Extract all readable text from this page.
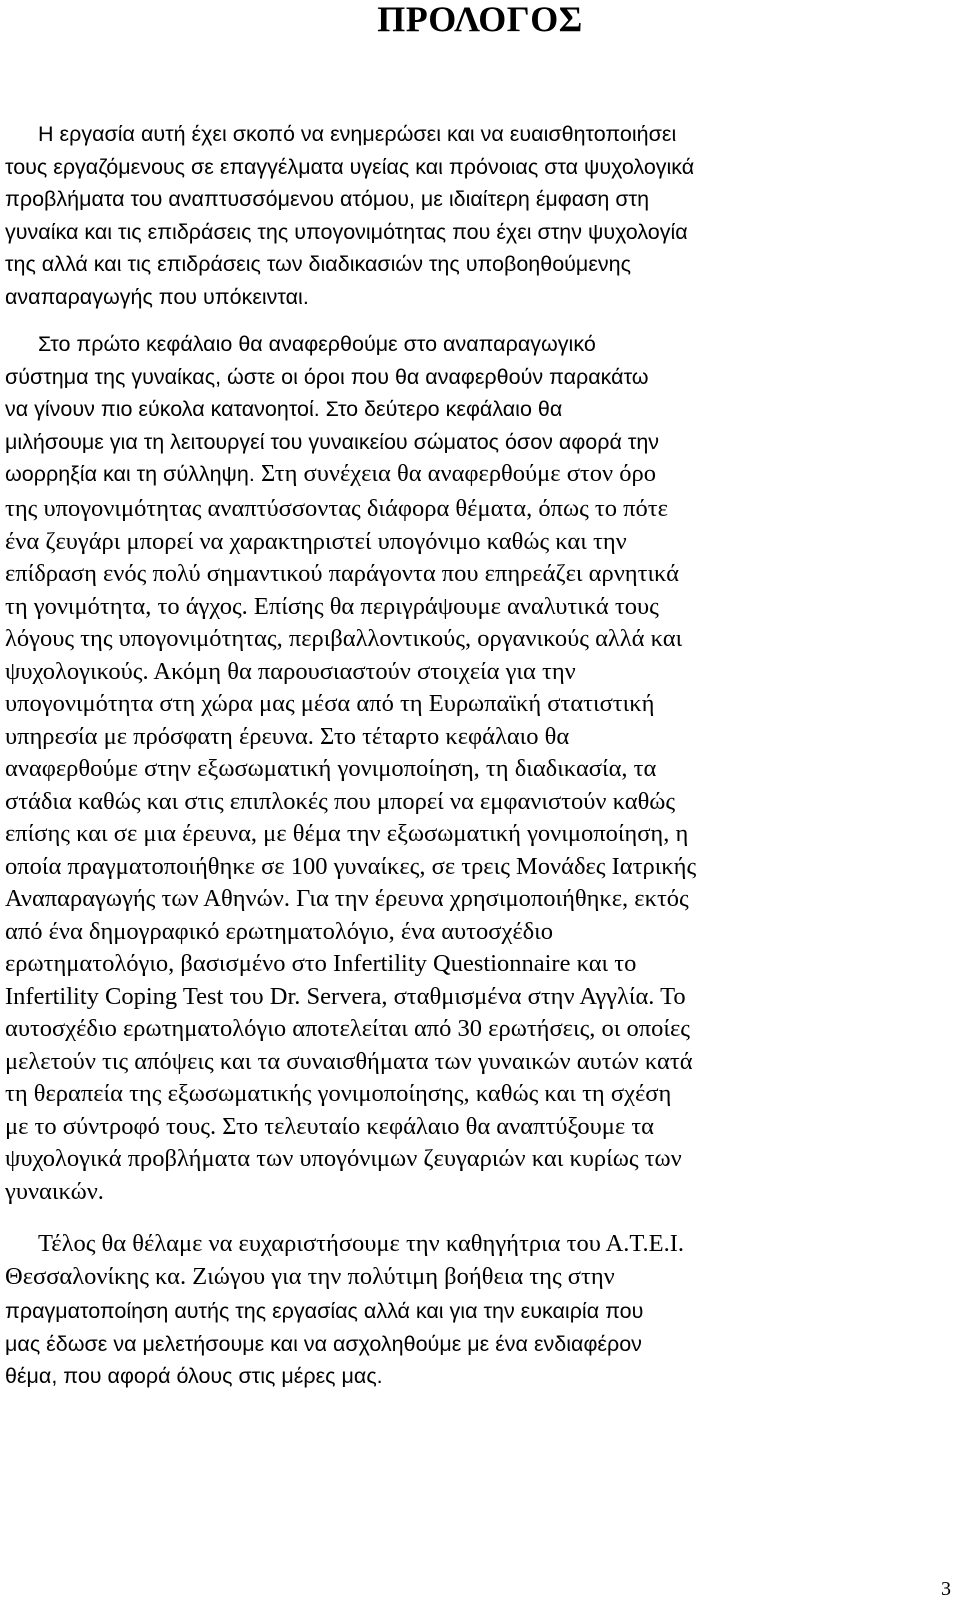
ΠΡΟΛΟΓΟΣ
Η εργασία αυτή έχει σκοπό να ενημερώσει και να ευαισθητοποιήσει
τους εργαζόμενους σε επαγγέλματα υγείας και πρόνοιας στα ψυχολογικά
προβλήματα του αναπτυσσόμενου ατόμου, με ιδιαίτερη έμφαση στη
γυναίκα και τις επιδράσεις της υπογονιμότητας που έχει στην ψυχολογία
της αλλά και τις επιδράσεις των διαδικασιών της υποβοηθούμενης
αναπαραγωγής που υπόκεινται.
Στο πρώτο κεφάλαιο θα αναφερθούμε στο αναπαραγωγικό
σύστημα της γυναίκας, ώστε οι όροι που θα αναφερθούν παρακάτω
να γίνουν πιο εύκολα κατανοητοί. Στο δεύτερο κεφάλαιο θα
μιλήσουμε για τη λειτουργεί του γυναικείου σώματος όσον αφορά την
ωορρηξία και τη σύλληψη. Στη συνέχεια θα αναφερθούμε στον όρο
της υπογονιμότητας αναπτύσσοντας διάφορα θέματα, όπως το πότε
ένα ζευγάρι μπορεί να χαρακτηριστεί υπογόνιμο καθώς και την
επίδραση ενός πολύ σημαντικού παράγοντα που επηρεάζει αρνητικά
τη γονιμότητα, το άγχος. Επίσης θα περιγράψουμε αναλυτικά τους
λόγους της υπογονιμότητας, περιβαλλοντικούς, οργανικούς αλλά και
ψυχολογικούς. Ακόμη θα παρουσιαστούν στοιχεία για την
υπογονιμότητα στη χώρα μας μέσα από τη Ευρωπαϊκή στατιστική
υπηρεσία με πρόσφατη έρευνα. Στο τέταρτο κεφάλαιο θα
αναφερθούμε στην εξωσωματική γονιμοποίηση, τη διαδικασία, τα
στάδια καθώς και στις επιπλοκές που μπορεί να εμφανιστούν καθώς
επίσης και σε μια έρευνα, με θέμα την εξωσωματική γονιμοποίηση, η
οποία πραγματοποιήθηκε σε 100 γυναίκες, σε τρεις Μονάδες Ιατρικής
Αναπαραγωγής των Αθηνών. Για την έρευνα χρησιμοποιήθηκε, εκτός
από ένα δημογραφικό ερωτηματολόγιο, ένα αυτοσχέδιο
ερωτηματολόγιο, βασισμένο στο Infertility Questionnaire και το
Infertility Coping Test του Dr. Servera, σταθμισμένα στην Αγγλία. Το
αυτοσχέδιο ερωτηματολόγιο αποτελείται από 30 ερωτήσεις, οι οποίες
μελετούν τις απόψεις και τα συναισθήματα των γυναικών αυτών κατά
τη θεραπεία της εξωσωματικής γονιμοποίησης, καθώς και τη σχέση
με το σύντροφό τους. Στο τελευταίο κεφάλαιο θα αναπτύξουμε τα
ψυχολογικά προβλήματα των υπογόνιμων ζευγαριών και κυρίως των
γυναικών.
Τέλος θα θέλαμε να ευχαριστήσουμε την καθηγήτρια του Α.Τ.Ε.Ι.
Θεσσαλονίκης κα. Ζιώγου για την πολύτιμη βοήθεια της στην
πραγματοποίηση αυτής της εργασίας αλλά και για την ευκαιρία που
μας έδωσε να μελετήσουμε και να ασχοληθούμε με ένα ενδιαφέρον
θέμα, που αφορά όλους στις μέρες μας.
3
